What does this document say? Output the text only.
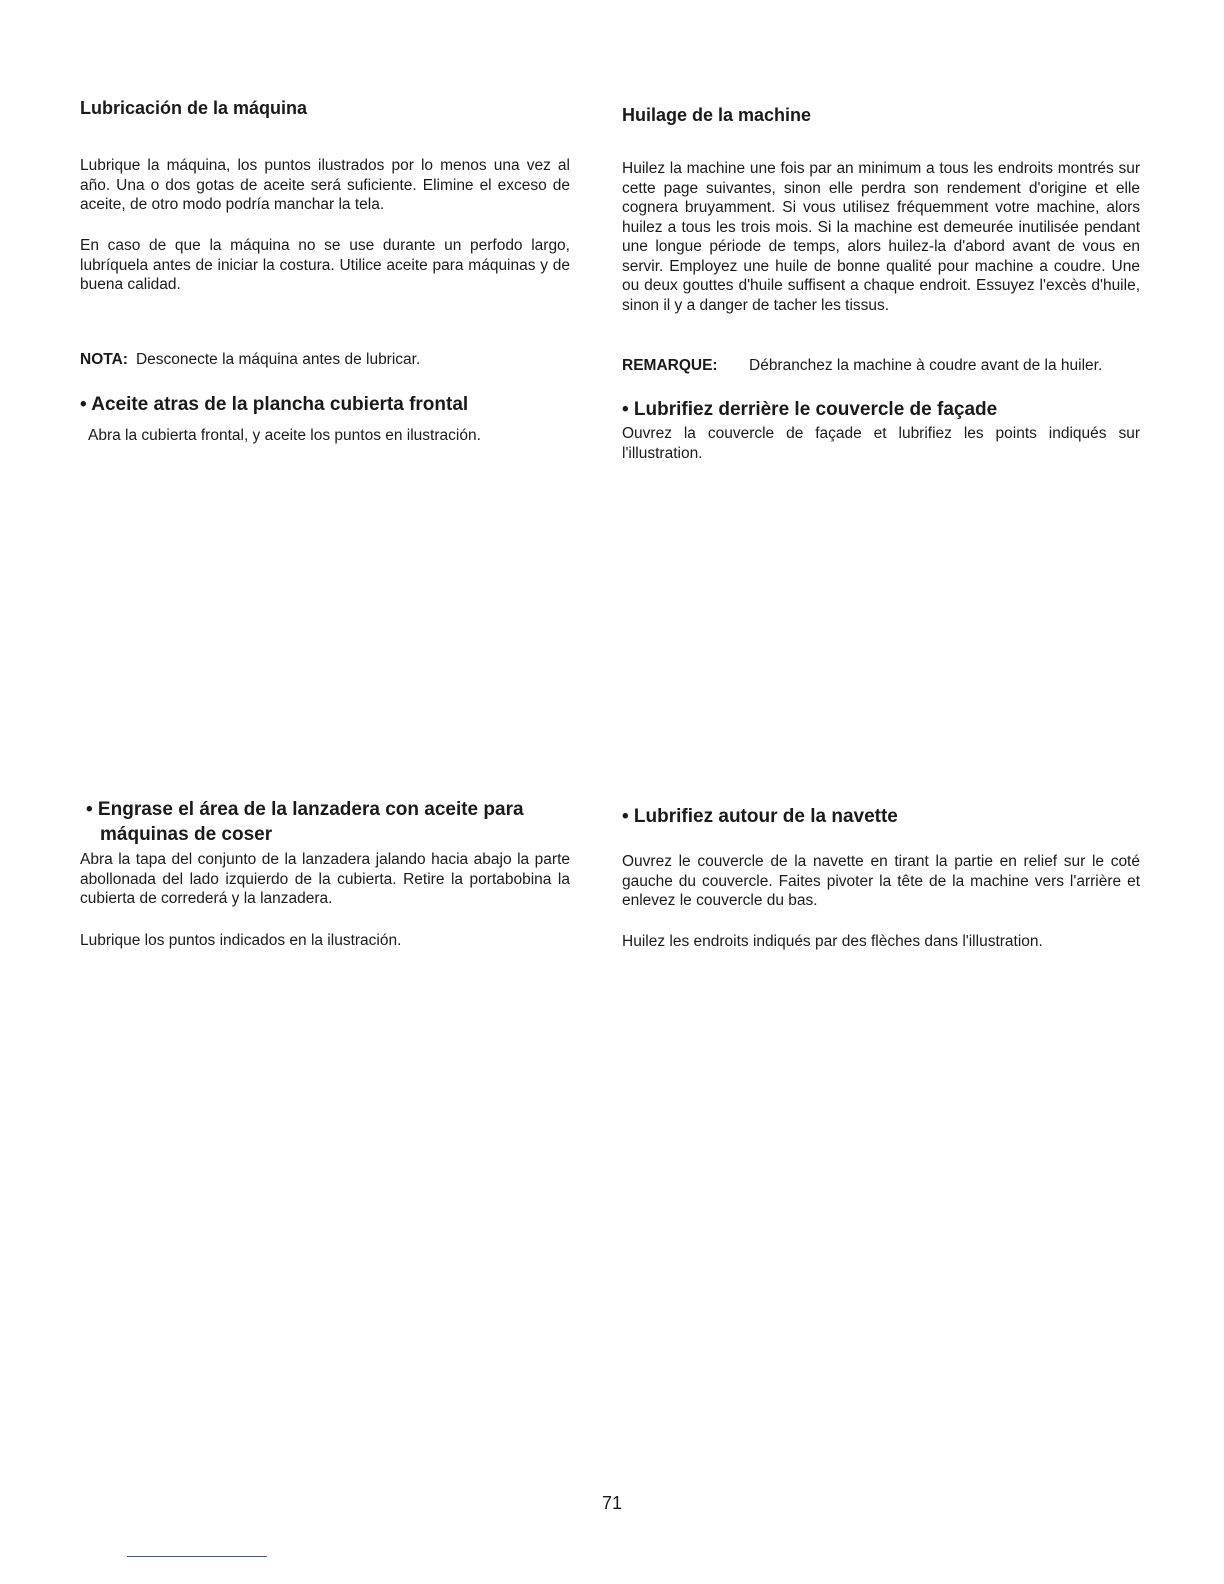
Lubricación de la máquina

Lubrique la máquina, los puntos ilustrados por lo menos una vez al año. Una o dos gotas de aceite será suficiente. Elimine el exceso de aceite, de otro modo podría manchar la tela.

En caso de que la máquina no se use durante un perfodo largo, lubríquela antes de iniciar la costura. Utilice aceite para máquinas y de buena calidad.

NOTA: Desconecte la máquina antes de lubricar.
• Aceite atras de la plancha cubierta frontal

Abra la cubierta frontal, y aceite los puntos en ilustración.

• Engrase el área de la lanzadera con aceite para máquinas de coser

Abra la tapa del conjunto de la lanzadera jalando hacia abajo la parte abollonada del lado izquierdo de la cubierta. Retire la portabobina la cubierta de correderá y la lanzadera.

Lubrique los puntos indicados en la ilustración.

Huilage de la machine

Huilez la machine une fois par an minimum a tous les endroits montrés sur cette page suivantes, sinon elle perdra son rendement d'origine et elle cognera bruyamment. Si vous utilisez fréquemment votre machine, alors huilez a tous les trois mois. Si la machine est demeurée inutilisée pendant une longue période de temps, alors huilez-la d'abord avant de vous en servir. Employez une huile de bonne qualité pour machine a coudre. Une ou deux gouttes d'huile suffisent a chaque endroit. Essuyez l'excès d'huile, sinon il y a danger de tacher les tissus.

REMARQUE:	Débranchez la machine à coudre avant de la huiler.
• Lubrifiez derrière le couvercle de façade

Ouvrez la couvercle de façade et lubrifiez les points indiqués sur l'illustration.

• Lubrifiez autour de la navette

Ouvrez le couvercle de la navette en tirant la partie en relief sur le coté gauche du couvercle. Faites pivoter la tête de la machine vers l'arrière et enlevez le couvercle du bas.

Huilez les endroits indiqués par des flèches dans l'illustration.

71
